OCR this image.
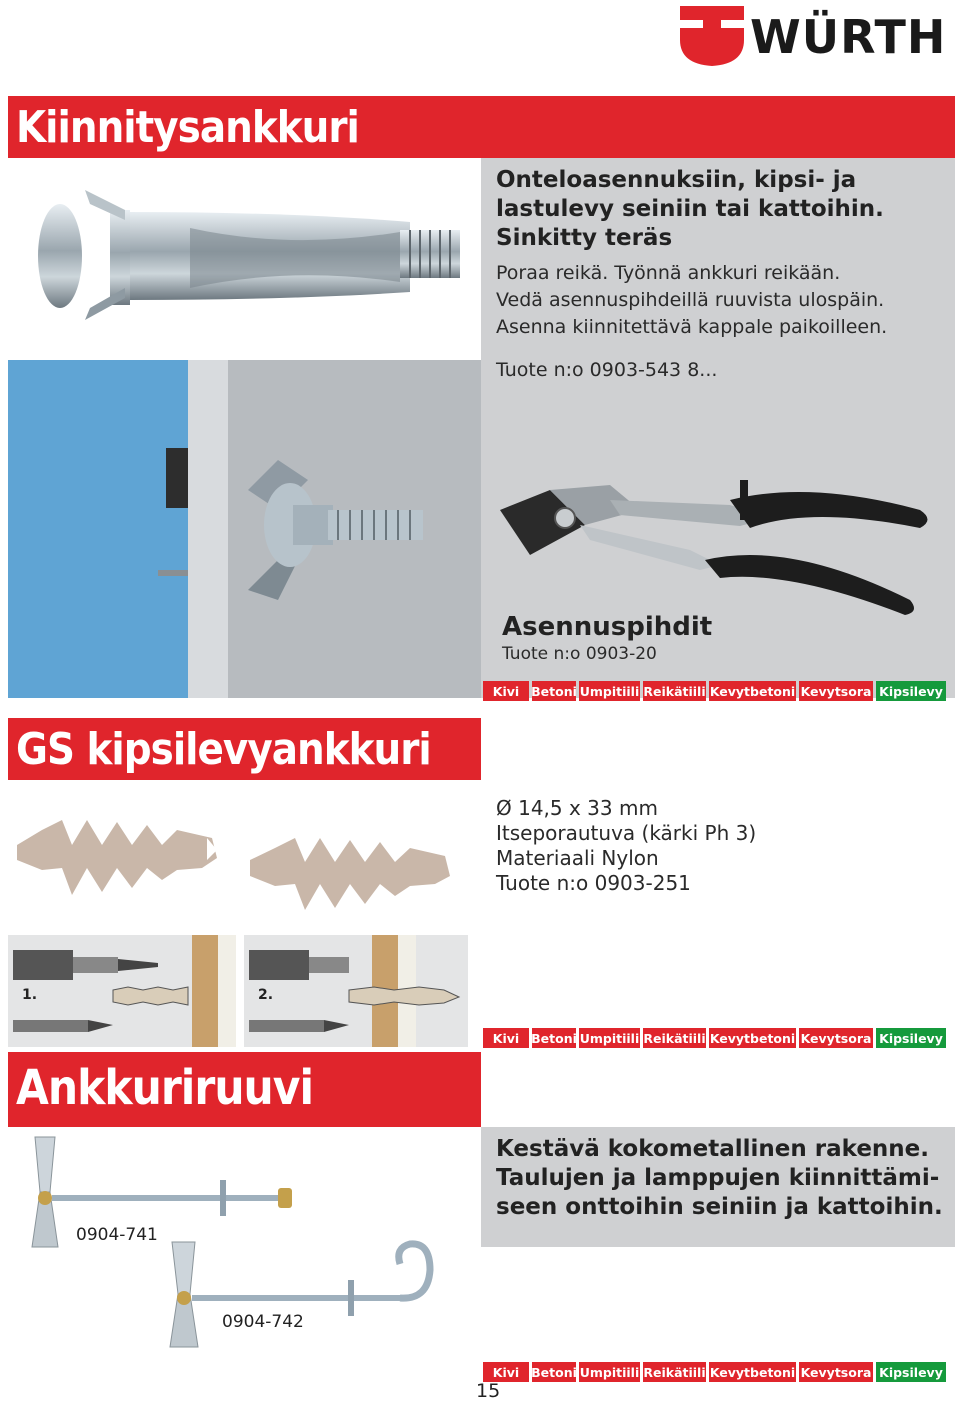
WÜRTH
Kiinnitysankkuri
Onteloasennuksiin, kipsi- ja
lastulevy seiniin tai kattoihin.
Sinkitty teräs
Poraa reikä. Työnnä ankkuri reikään.
Vedä asennuspihdeillä ruuvista ulospäin.
Asenna kiinnitettävä kappale paikoilleen.
Tuote n:o 0903-543 8...
Asennuspihdit
Tuote n:o 0903-20
Kivi Betoni Umpitiili Reikätiili Kevytbetoni Kevytsora Kipsilevy
GS kipsilevyankkuri
Ø 14,5 x 33 mm
Itseporautuva (kärki Ph 3)
Materiaali Nylon
Tuote n:o 0903-251
1.	2.
Kivi Betoni Umpitiili Reikätiili Kevytbetoni Kevytsora Kipsilevy
Ankkuriruuvi
Kestävä kokometallinen rakenne.
Taulujen ja lamppujen kiinnittämi-
seen onttoihin seiniin ja kattoihin.
0904-741
0904-742
Kivi Betoni Umpitiili Reikätiili Kevytbetoni Kevytsora Kipsilevy
15
